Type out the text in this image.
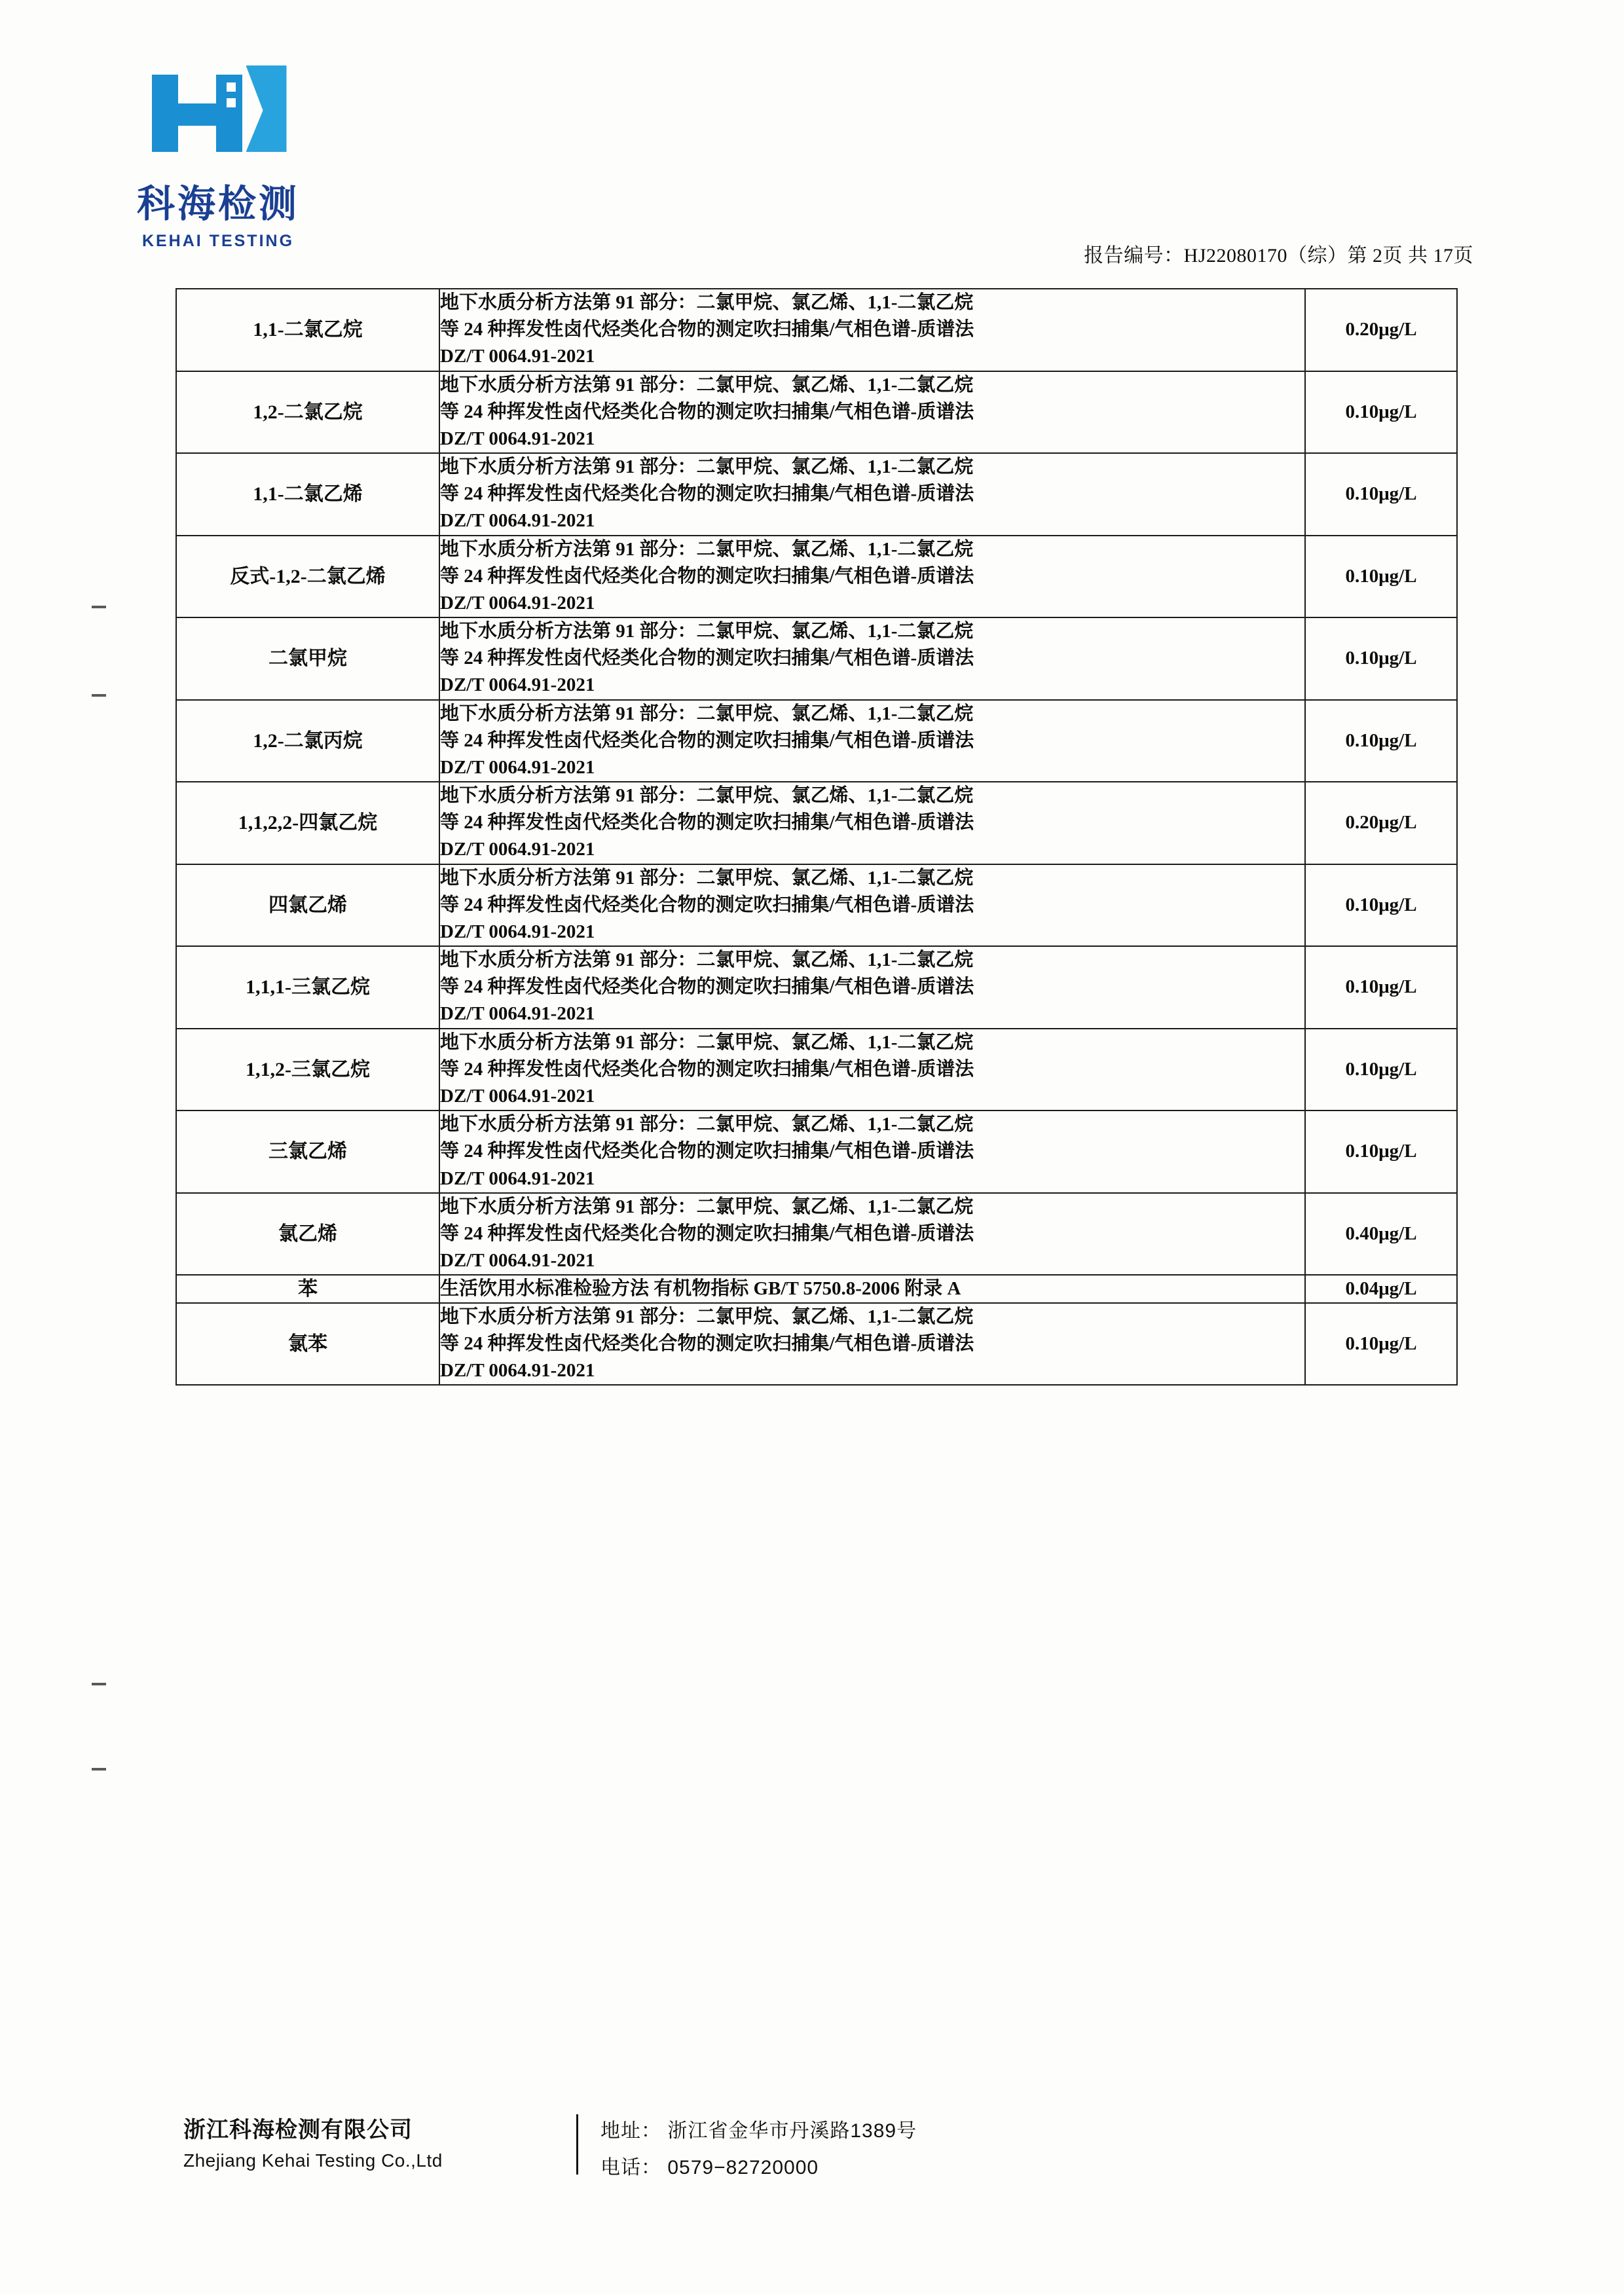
科海检测
KEHAI TESTING
报告编号：HJ22080170（综）第 2页 共 17页
1,1-二氯乙烷	地下水质分析方法第 91 部分：二氯甲烷、氯乙烯、1,1-二氯乙烷
等 24 种挥发性卤代烃类化合物的测定吹扫捕集/气相色谱-质谱法
DZ/T 0064.91-2021	0.20μg/L
1,2-二氯乙烷	地下水质分析方法第 91 部分：二氯甲烷、氯乙烯、1,1-二氯乙烷
等 24 种挥发性卤代烃类化合物的测定吹扫捕集/气相色谱-质谱法
DZ/T 0064.91-2021	0.10μg/L
1,1-二氯乙烯	地下水质分析方法第 91 部分：二氯甲烷、氯乙烯、1,1-二氯乙烷
等 24 种挥发性卤代烃类化合物的测定吹扫捕集/气相色谱-质谱法
DZ/T 0064.91-2021	0.10μg/L
反式-1,2-二氯乙烯	地下水质分析方法第 91 部分：二氯甲烷、氯乙烯、1,1-二氯乙烷
等 24 种挥发性卤代烃类化合物的测定吹扫捕集/气相色谱-质谱法
DZ/T 0064.91-2021	0.10μg/L
二氯甲烷	地下水质分析方法第 91 部分：二氯甲烷、氯乙烯、1,1-二氯乙烷
等 24 种挥发性卤代烃类化合物的测定吹扫捕集/气相色谱-质谱法
DZ/T 0064.91-2021	0.10μg/L
1,2-二氯丙烷	地下水质分析方法第 91 部分：二氯甲烷、氯乙烯、1,1-二氯乙烷
等 24 种挥发性卤代烃类化合物的测定吹扫捕集/气相色谱-质谱法
DZ/T 0064.91-2021	0.10μg/L
1,1,2,2-四氯乙烷	地下水质分析方法第 91 部分：二氯甲烷、氯乙烯、1,1-二氯乙烷
等 24 种挥发性卤代烃类化合物的测定吹扫捕集/气相色谱-质谱法
DZ/T 0064.91-2021	0.20μg/L
四氯乙烯	地下水质分析方法第 91 部分：二氯甲烷、氯乙烯、1,1-二氯乙烷
等 24 种挥发性卤代烃类化合物的测定吹扫捕集/气相色谱-质谱法
DZ/T 0064.91-2021	0.10μg/L
1,1,1-三氯乙烷	地下水质分析方法第 91 部分：二氯甲烷、氯乙烯、1,1-二氯乙烷
等 24 种挥发性卤代烃类化合物的测定吹扫捕集/气相色谱-质谱法
DZ/T 0064.91-2021	0.10μg/L
1,1,2-三氯乙烷	地下水质分析方法第 91 部分：二氯甲烷、氯乙烯、1,1-二氯乙烷
等 24 种挥发性卤代烃类化合物的测定吹扫捕集/气相色谱-质谱法
DZ/T 0064.91-2021	0.10μg/L
三氯乙烯	地下水质分析方法第 91 部分：二氯甲烷、氯乙烯、1,1-二氯乙烷
等 24 种挥发性卤代烃类化合物的测定吹扫捕集/气相色谱-质谱法
DZ/T 0064.91-2021	0.10μg/L
氯乙烯	地下水质分析方法第 91 部分：二氯甲烷、氯乙烯、1,1-二氯乙烷
等 24 种挥发性卤代烃类化合物的测定吹扫捕集/气相色谱-质谱法
DZ/T 0064.91-2021	0.40μg/L
苯	生活饮用水标准检验方法 有机物指标 GB/T 5750.8-2006 附录 A	0.04μg/L
氯苯	地下水质分析方法第 91 部分：二氯甲烷、氯乙烯、1,1-二氯乙烷
等 24 种挥发性卤代烃类化合物的测定吹扫捕集/气相色谱-质谱法
DZ/T 0064.91-2021	0.10μg/L
浙江科海检测有限公司
Zhejiang Kehai Testing Co.,Ltd
地址： 浙江省金华市丹溪路1389号
电话： 0579−82720000
